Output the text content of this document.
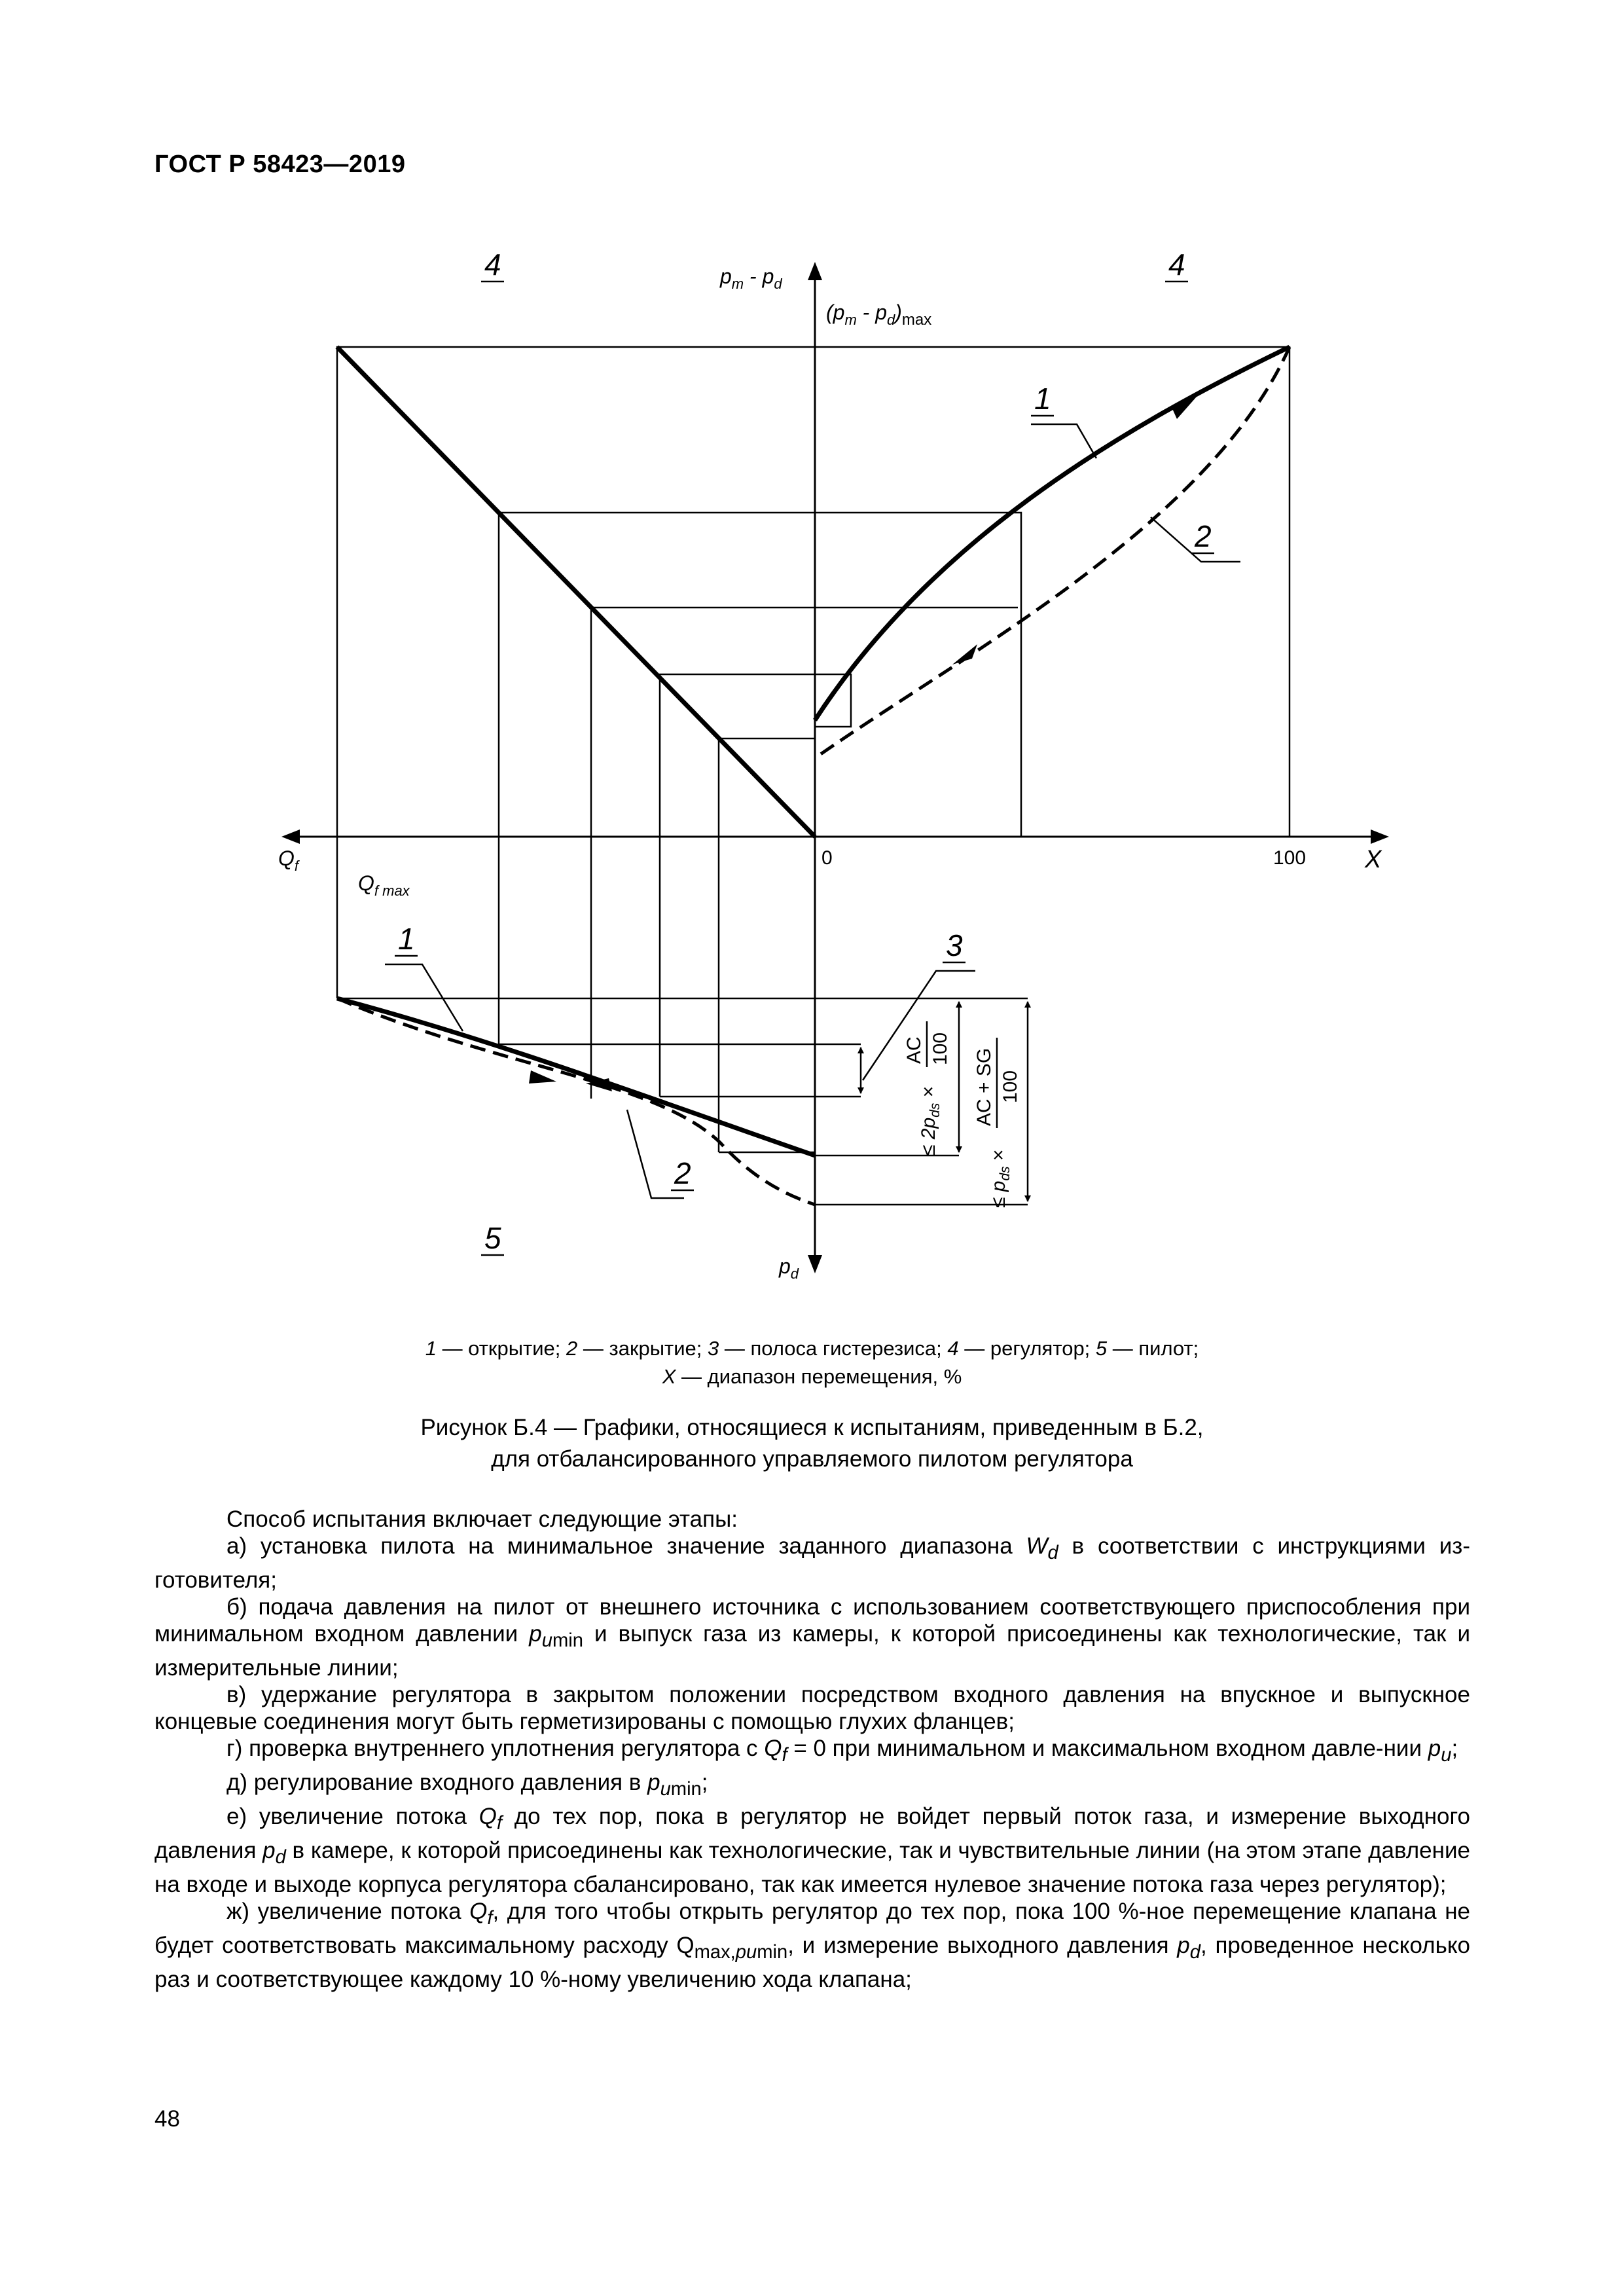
ГОСТ Р 58423—2019
4	4
5
1
2
1
2
3
$p_m - p_d$
$(p_m - p_d)_{max}$
$Q_f$
$Q_{f max}$
0	100 X
$p_d$
≤ $2p_{ds}$ ×
AC 100
≤ $p_{ds}$ ×
AC + SG 100
1 — открытие; 2 — закрытие; 3 — полоса гистерезиса; 4 — регулятор; 5 — пилот;
X — диапазон перемещения, %
Рисунок Б.4 — Графики, относящиеся к испытаниям, приведенным в Б.2,
для отбалансированного управляемого пилотом регулятора

Способ испытания включает следующие этапы:

а) установка пилота на минимальное значение заданного диапазона $W_d$ в соответствии с инструкциями из-готовителя;

б) подача давления на пилот от внешнего источника с использованием соответствующего приспособления при минимальном входном давлении $p_{umin}$ и выпуск газа из камеры, к которой присоединены как технологические, так и измерительные линии;

в) удержание регулятора в закрытом положении посредством входного давления на впускное и выпускное концевые соединения могут быть герметизированы с помощью глухих фланцев;

г) проверка внутреннего уплотнения регулятора с $Q_f = 0$ при минимальном и максимальном входном давле-нии $p_u$;

д) регулирование входного давления в $p_{umin}$;

е) увеличение потока $Q_f$ до тех пор, пока в регулятор не войдет первый поток газа, и измерение выходного давления $p_d$ в камере, к которой присоединены как технологические, так и чувствительные линии (на этом этапе давление на входе и выходе корпуса регулятора сбалансировано, так как имеется нулевое значение потока газа через регулятор);

ж) увеличение потока $Q_f$, для того чтобы открыть регулятор до тех пор, пока 100 %-ное перемещение клапана не будет соответствовать максимальному расходу $Q_{max,pumin}$, и измерение выходного давления $p_d$, проведенное несколько раз и соответствующее каждому 10 %-ному увеличению хода клапана;

48
